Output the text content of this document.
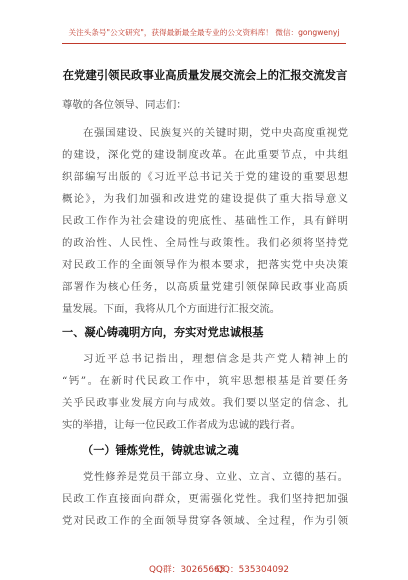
关注头条号"公文研究"，获得最新最全最专业的公文资料库！ 微信：gongwenyj
在党建引领民政事业高质量发展交流会上的汇报交流发言
尊敬的各位领导、同志们：
在强国建设、民族复兴的关键时期，党中央高度重视党
的建设，深化党的建设制度改革。在此重要节点，中共组
织部编写出版的《习近平总书记关于党的建设的重要思想
概论》，为我们加强和改进党的建设提供了重大指导意义
民政工作作为社会建设的兜底性、基础性工作，具有鲜明
的政治性、人民性、全局性与政策性。我们必须将坚持党
对民政工作的全面领导作为根本要求，把落实党中央决策
部署作为核心任务，以高质量党建引领保障民政事业高质
量发展。下面，我将从几个方面进行汇报交流。
一、凝心铸魂明方向，夯实对党忠诚根基
习近平总书记指出，理想信念是共产党人精神上的
“钙”。在新时代民政工作中，筑牢思想根基是首要任务
关乎民政事业发展方向与成效。我们要以坚定的信念、扎
实的举措，让每一位民政工作者成为忠诚的践行者。
（一）锤炼党性，铸就忠诚之魂
党性修养是党员干部立身、立业、立言、立德的基石。
民政工作直接面向群众，更需强化党性。我们坚持把加强
党对民政工作的全面领导贯穿各领域、全过程，作为引领
QQ群：30265665
QQ：535304092
